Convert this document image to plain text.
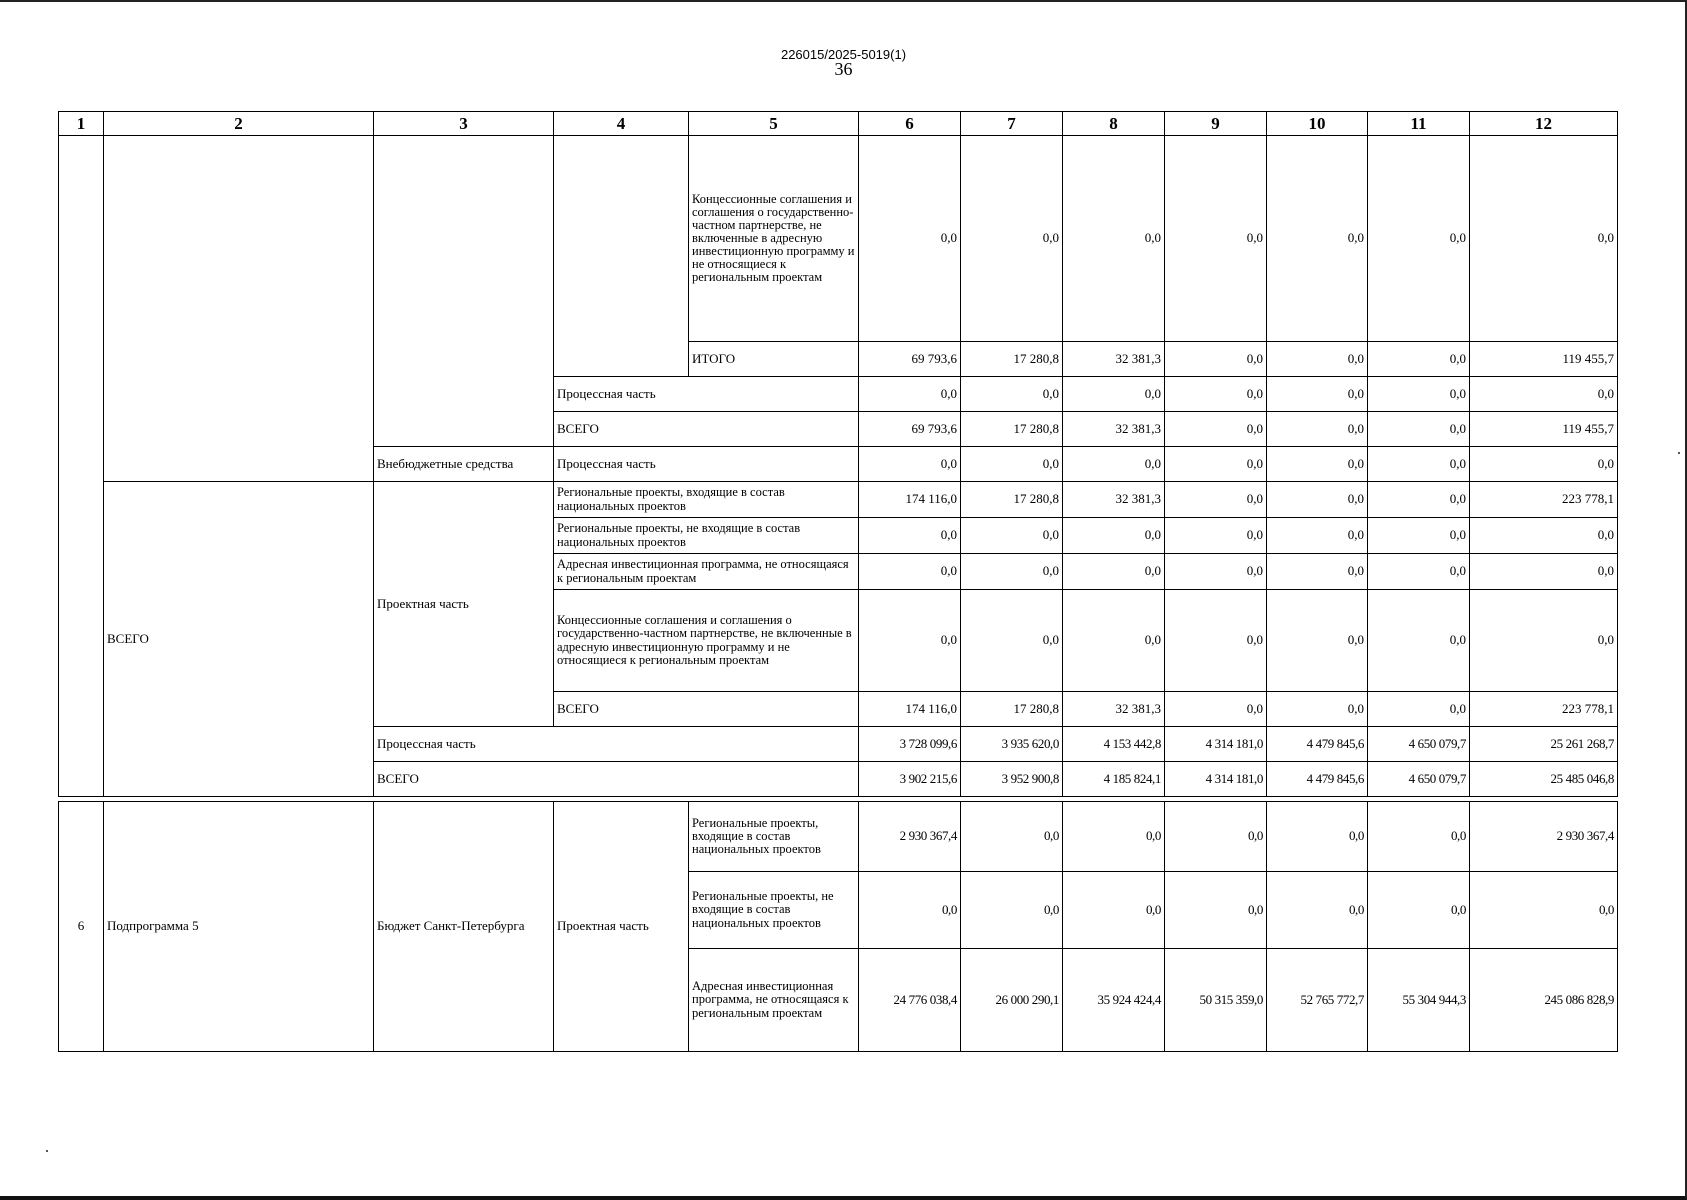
226015/2025-5019(1)
36
1	2	3	4	5	6	7	8	9	10	11	12
				Концессионные соглашения и соглашения о государственно-частном партнерстве, не включенные в адресную инвестиционную программу и не относящиеся к региональным проектам	0,0	0,0	0,0	0,0	0,0	0,0	0,0
				ИТОГО	69 793,6	17 280,8	32 381,3	0,0	0,0	0,0	119 455,7
			Процессная часть		0,0	0,0	0,0	0,0	0,0	0,0	0,0
			ВСЕГО		69 793,6	17 280,8	32 381,3	0,0	0,0	0,0	119 455,7
		Внебюджетные средства	Процессная часть		0,0	0,0	0,0	0,0	0,0	0,0	0,0
	ВСЕГО	Проектная часть	Региональные проекты, входящие в состав национальных проектов		174 116,0	17 280,8	32 381,3	0,0	0,0	0,0	223 778,1
			Региональные проекты, не входящие в состав национальных проектов		0,0	0,0	0,0	0,0	0,0	0,0	0,0
			Адресная инвестиционная программа, не относящаяся к региональным проектам		0,0	0,0	0,0	0,0	0,0	0,0	0,0
			Концессионные соглашения и соглашения о государственно-частном партнерстве, не включенные в адресную инвестиционную программу и не относящиеся к региональным проектам		0,0	0,0	0,0	0,0	0,0	0,0	0,0
			ВСЕГО		174 116,0	17 280,8	32 381,3	0,0	0,0	0,0	223 778,1
		Процессная часть			3 728 099,6	3 935 620,0	4 153 442,8	4 314 181,0	4 479 845,6	4 650 079,7	25 261 268,7
		ВСЕГО			3 902 215,6	3 952 900,8	4 185 824,1	4 314 181,0	4 479 845,6	4 650 079,7	25 485 046,8
6	Подпрограмма 5	Бюджет Санкт-Петербурга	Проектная часть	Региональные проекты, входящие в состав национальных проектов	2 930 367,4	0,0	0,0	0,0	0,0	0,0	2 930 367,4
				Региональные проекты, не входящие в состав национальных проектов	0,0	0,0	0,0	0,0	0,0	0,0	0,0
				Адресная инвестиционная программа, не относящаяся к региональным проектам	24 776 038,4	26 000 290,1	35 924 424,4	50 315 359,0	52 765 772,7	55 304 944,3	245 086 828,9
